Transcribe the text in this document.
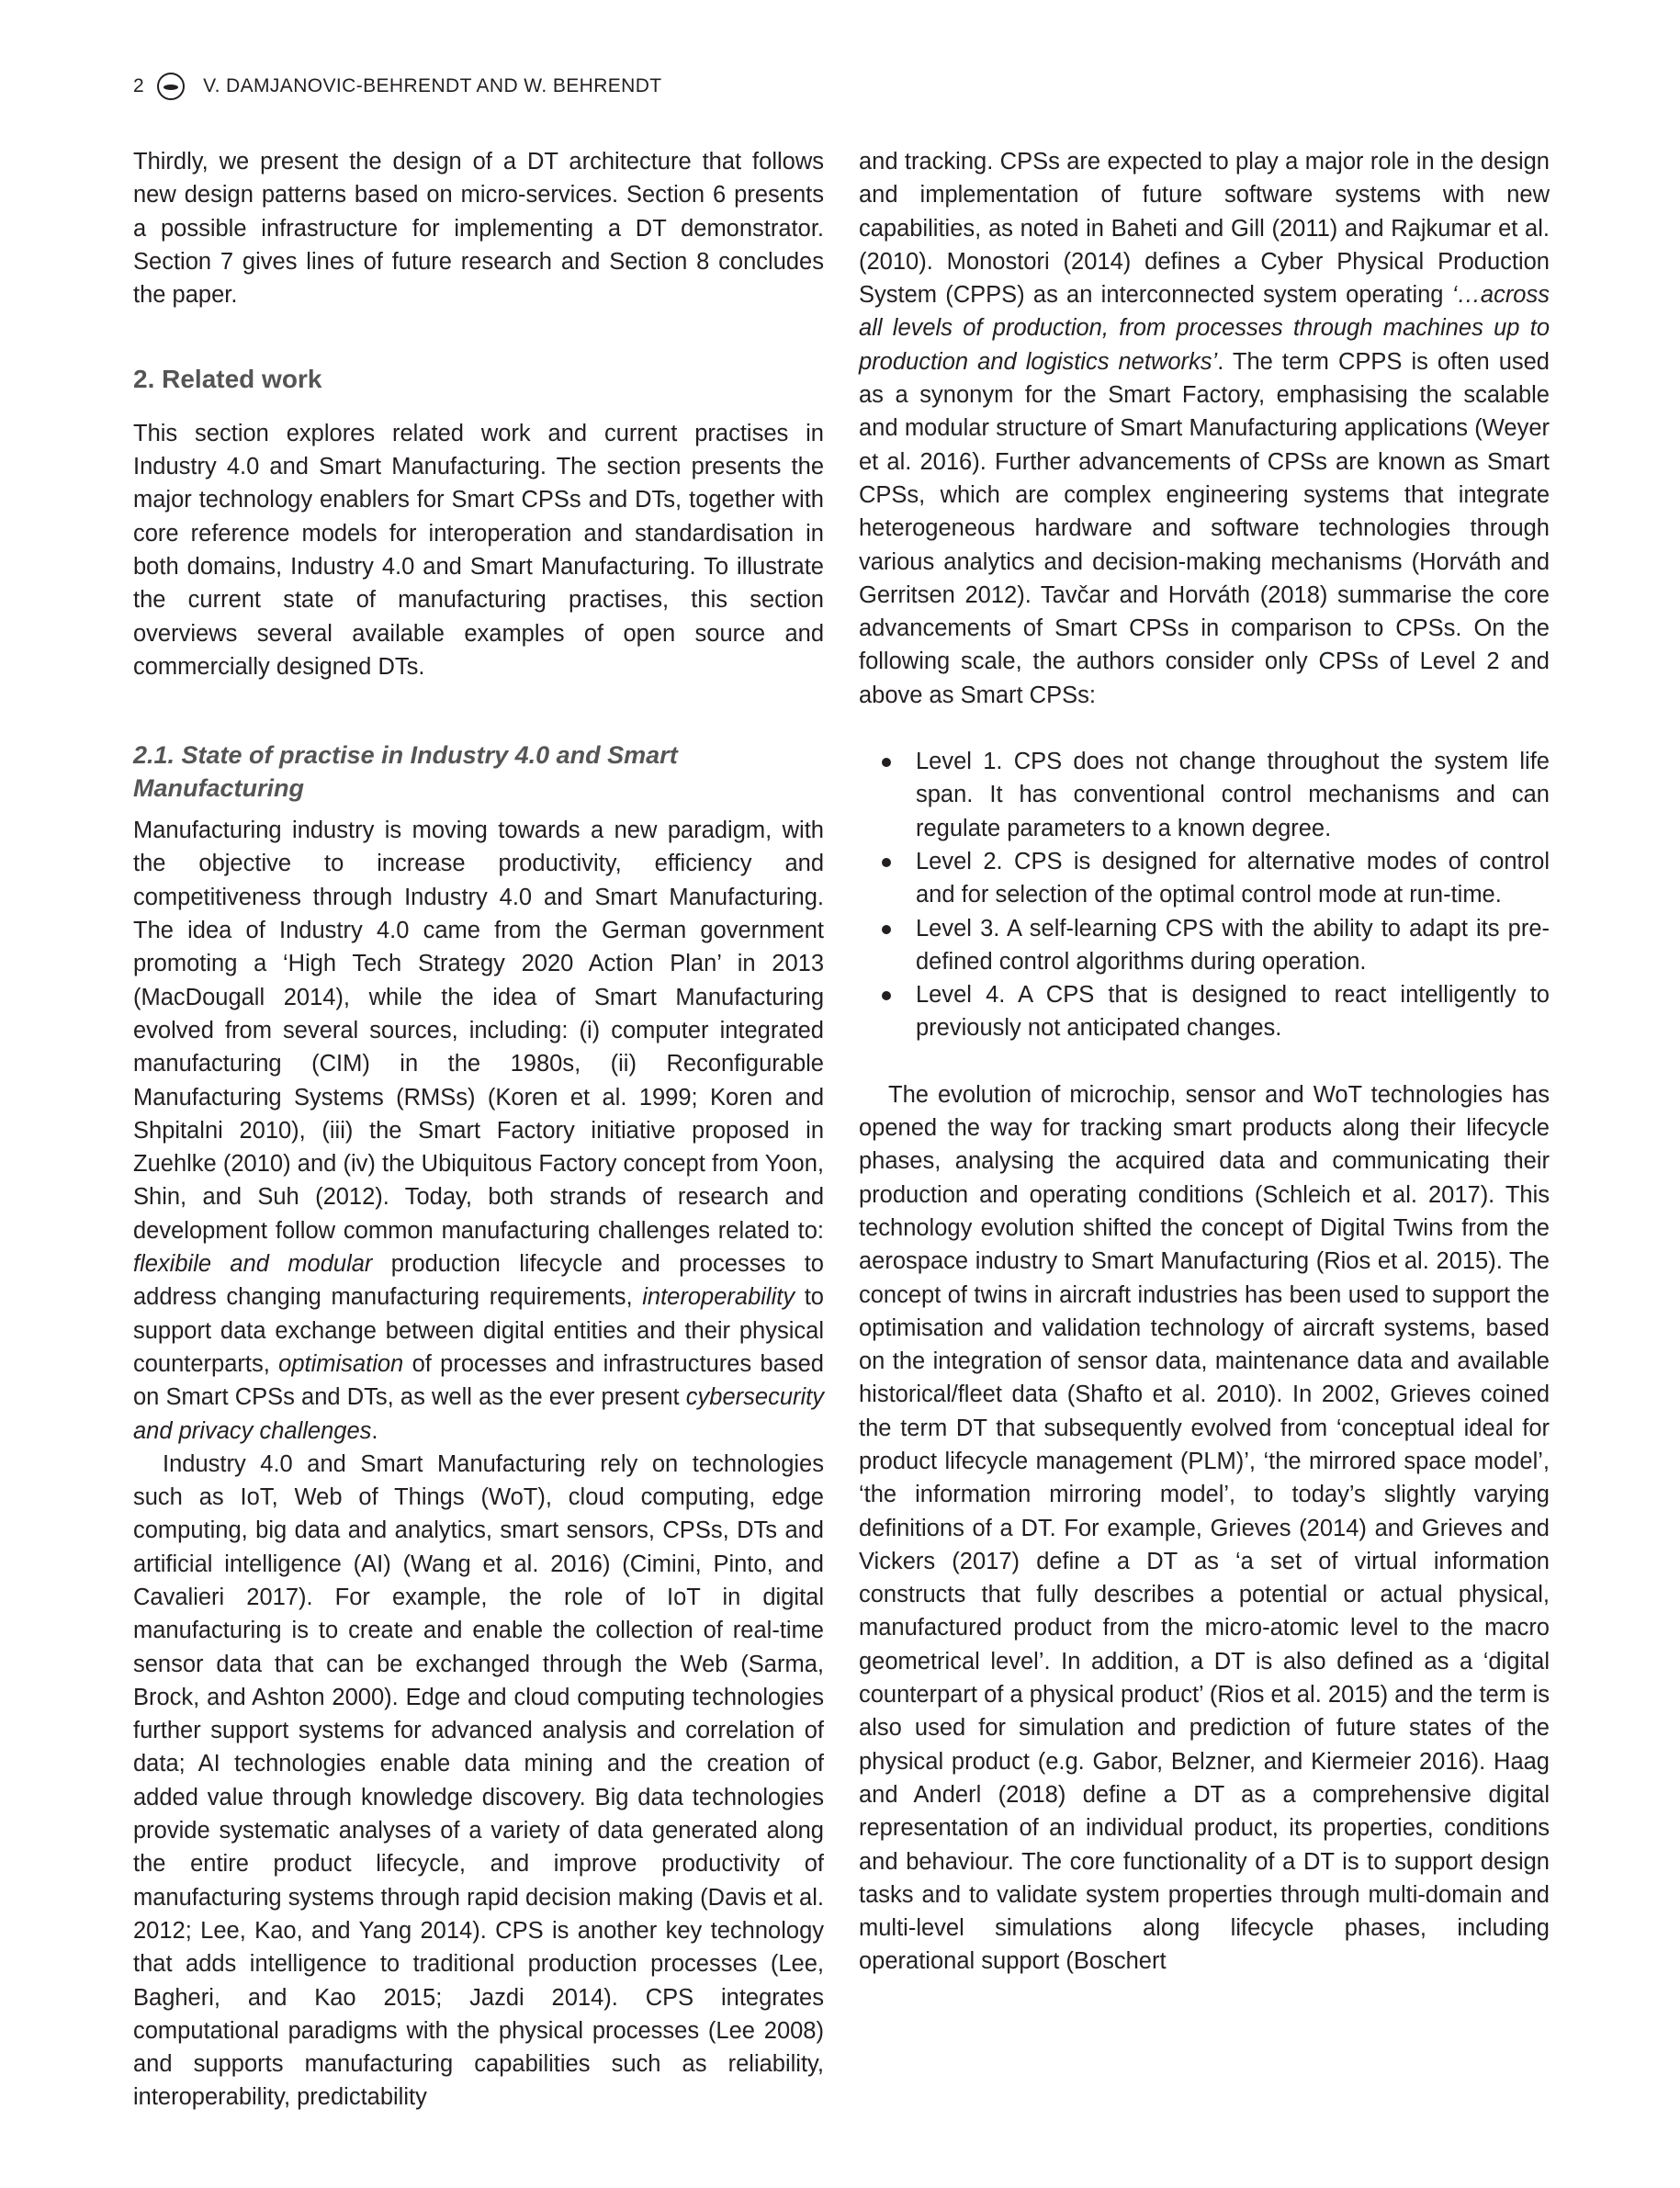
2	V. DAMJANOVIC-BEHRENDT AND W. BEHRENDT

Thirdly, we present the design of a DT architecture that follows new design patterns based on micro-services. Section 6 presents a possible infrastructure for implementing a DT demonstrator. Section 7 gives lines of future research and Section 8 concludes the paper.

2. Related work

This section explores related work and current practises in Industry 4.0 and Smart Manufacturing. The section presents the major technology enablers for Smart CPSs and DTs, together with core reference models for interoperation and standardisation in both domains, Industry 4.0 and Smart Manufacturing. To illustrate the current state of manufacturing practises, this section overviews several available examples of open source and commercially designed DTs.

2.1. State of practise in Industry 4.0 and Smart Manufacturing

Manufacturing industry is moving towards a new paradigm, with the objective to increase productivity, efficiency and competitiveness through Industry 4.0 and Smart Manufacturing. The idea of Industry 4.0 came from the German government promoting a ‘High Tech Strategy 2020 Action Plan’ in 2013 (MacDougall 2014), while the idea of Smart Manufacturing evolved from several sources, including: (i) computer integrated manufacturing (CIM) in the 1980s, (ii) Reconfigurable Manufacturing Systems (RMSs) (Koren et al. 1999; Koren and Shpitalni 2010), (iii) the Smart Factory initiative proposed in Zuehlke (2010) and (iv) the Ubiquitous Factory concept from Yoon, Shin, and Suh (2012). Today, both strands of research and development follow common manufacturing challenges related to: flexibile and modular production lifecycle and processes to address changing manufacturing requirements, interoperability to support data exchange between digital entities and their physical counterparts, optimisation of processes and infrastructures based on Smart CPSs and DTs, as well as the ever present cybersecurity and privacy challenges.

Industry 4.0 and Smart Manufacturing rely on technologies such as IoT, Web of Things (WoT), cloud computing, edge computing, big data and analytics, smart sensors, CPSs, DTs and artificial intelligence (AI) (Wang et al. 2016) (Cimini, Pinto, and Cavalieri 2017). For example, the role of IoT in digital manufacturing is to create and enable the collection of real-time sensor data that can be exchanged through the Web (Sarma, Brock, and Ashton 2000). Edge and cloud computing technologies further support systems for advanced analysis and correlation of data; AI technologies enable data mining and the creation of added value through knowledge discovery. Big data technologies provide systematic analyses of a variety of data generated along the entire product lifecycle, and improve productivity of manufacturing systems through rapid decision making (Davis et al. 2012; Lee, Kao, and Yang 2014). CPS is another key technology that adds intelligence to traditional production processes (Lee, Bagheri, and Kao 2015; Jazdi 2014). CPS integrates computational paradigms with the physical processes (Lee 2008) and supports manufacturing capabilities such as reliability, interoperability, predictability

and tracking. CPSs are expected to play a major role in the design and implementation of future software systems with new capabilities, as noted in Baheti and Gill (2011) and Rajkumar et al. (2010). Monostori (2014) defines a Cyber Physical Production System (CPPS) as an interconnected system operating ‘…across all levels of production, from processes through machines up to production and logistics networks’. The term CPPS is often used as a synonym for the Smart Factory, emphasising the scalable and modular structure of Smart Manufacturing applications (Weyer et al. 2016). Further advancements of CPSs are known as Smart CPSs, which are complex engineering systems that integrate heterogeneous hardware and software technologies through various analytics and decision-making mechanisms (Horváth and Gerritsen 2012). Tavčar and Horváth (2018) summarise the core advancements of Smart CPSs in comparison to CPSs. On the following scale, the authors consider only CPSs of Level 2 and above as Smart CPSs:

Level 1. CPS does not change throughout the system life span. It has conventional control mechanisms and can regulate parameters to a known degree.
Level 2. CPS is designed for alternative modes of control and for selection of the optimal control mode at run-time.
Level 3. A self-learning CPS with the ability to adapt its pre-defined control algorithms during operation.
Level 4. A CPS that is designed to react intelligently to previously not anticipated changes.

The evolution of microchip, sensor and WoT technologies has opened the way for tracking smart products along their lifecycle phases, analysing the acquired data and communicating their production and operating conditions (Schleich et al. 2017). This technology evolution shifted the concept of Digital Twins from the aerospace industry to Smart Manufacturing (Rios et al. 2015). The concept of twins in aircraft industries has been used to support the optimisation and validation technology of aircraft systems, based on the integration of sensor data, maintenance data and available historical/fleet data (Shafto et al. 2010). In 2002, Grieves coined the term DT that subsequently evolved from ‘conceptual ideal for product lifecycle management (PLM)’, ‘the mirrored space model’, ‘the information mirroring model’, to today’s slightly varying definitions of a DT. For example, Grieves (2014) and Grieves and Vickers (2017) define a DT as ‘a set of virtual information constructs that fully describes a potential or actual physical, manufactured product from the micro-atomic level to the macro geometrical level’. In addition, a DT is also defined as a ‘digital counterpart of a physical product’ (Rios et al. 2015) and the term is also used for simulation and prediction of future states of the physical product (e.g. Gabor, Belzner, and Kiermeier 2016). Haag and Anderl (2018) define a DT as a comprehensive digital representation of an individual product, its properties, conditions and behaviour. The core functionality of a DT is to support design tasks and to validate system properties through multi-domain and multi-level simulations along lifecycle phases, including operational support (Boschert
